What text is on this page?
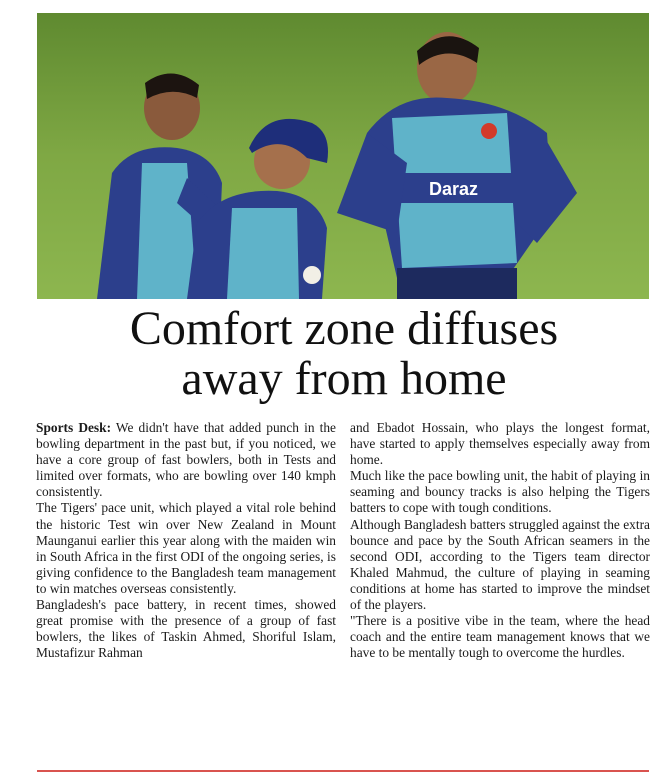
Daraz
Comfort zone diffuses
away from home

Sports Desk: We didn't have that added punch in the bowling department in the past but, if you noticed, we have a core group of fast bowlers, both in Tests and limited over formats, who are bowling over 140 kmph consistently.

The Tigers' pace unit, which played a vital role behind the historic Test win over New Zealand in Mount Maunganui earlier this year along with the maiden win in South Africa in the first ODI of the ongoing series, is giving confidence to the Bangladesh team management to win matches overseas consistently.

Bangladesh's pace battery, in recent times, showed great promise with the presence of a group of fast bowlers, the likes of Taskin Ahmed, Shoriful Islam, Mustafizur Rahman

and Ebadot Hossain, who plays the longest format, have started to apply themselves especially away from home.

Much like the pace bowling unit, the habit of playing in seaming and bouncy tracks is also helping the Tigers batters to cope with tough conditions.

Although Bangladesh batters struggled against the extra bounce and pace by the South African seamers in the second ODI, according to the Tigers team director Khaled Mahmud, the culture of playing in seaming conditions at home has started to improve the mindset of the players.

"There is a positive vibe in the team, where the head coach and the entire team management knows that we have to be mentally tough to overcome the hurdles.
